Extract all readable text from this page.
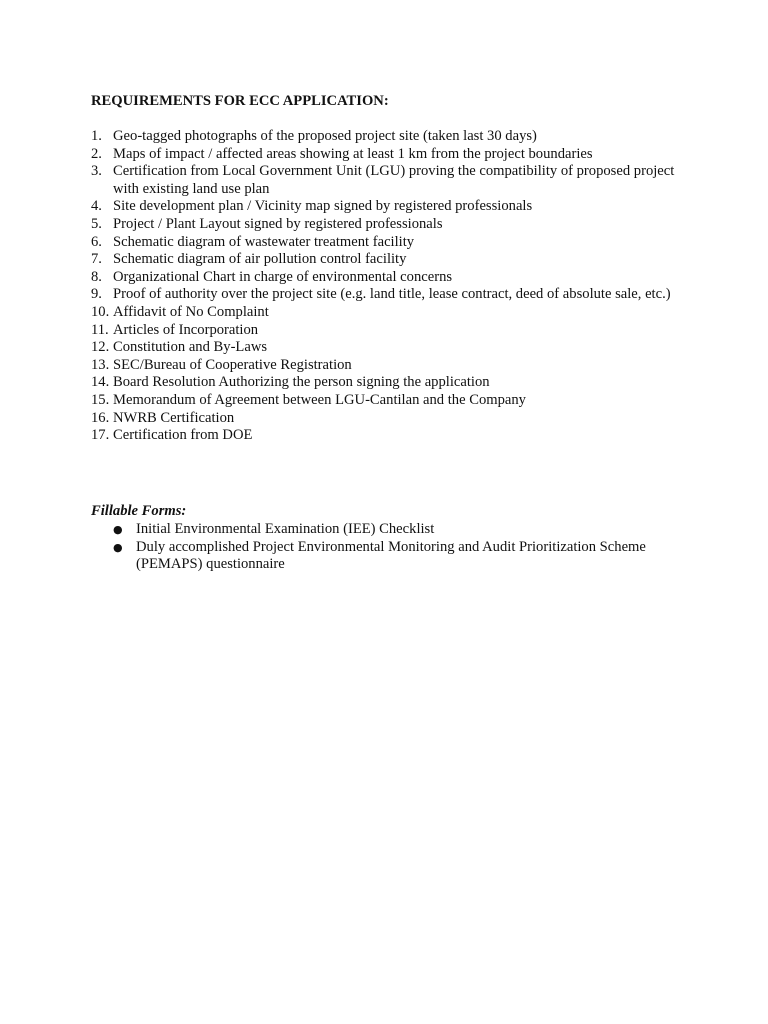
REQUIREMENTS FOR ECC APPLICATION:
1. Geo-tagged photographs of the proposed project site (taken last 30 days)
2. Maps of impact / affected areas showing at least 1 km from the project boundaries
3. Certification from Local Government Unit (LGU) proving the compatibility of proposed project with existing land use plan
4. Site development plan / Vicinity map signed by registered professionals
5. Project / Plant Layout signed by registered professionals
6. Schematic diagram of wastewater treatment facility
7. Schematic diagram of air pollution control facility
8. Organizational Chart in charge of environmental concerns
9. Proof of authority over the project site (e.g. land title, lease contract, deed of absolute sale, etc.)
10. Affidavit of No Complaint
11. Articles of Incorporation
12. Constitution and By-Laws
13. SEC/Bureau of Cooperative Registration
14. Board Resolution Authorizing the person signing the application
15. Memorandum of Agreement between LGU-Cantilan and the Company
16. NWRB Certification
17. Certification from DOE

Fillable Forms:

● Initial Environmental Examination (IEE) Checklist
● Duly accomplished Project Environmental Monitoring and Audit Prioritization Scheme (PEMAPS) questionnaire
